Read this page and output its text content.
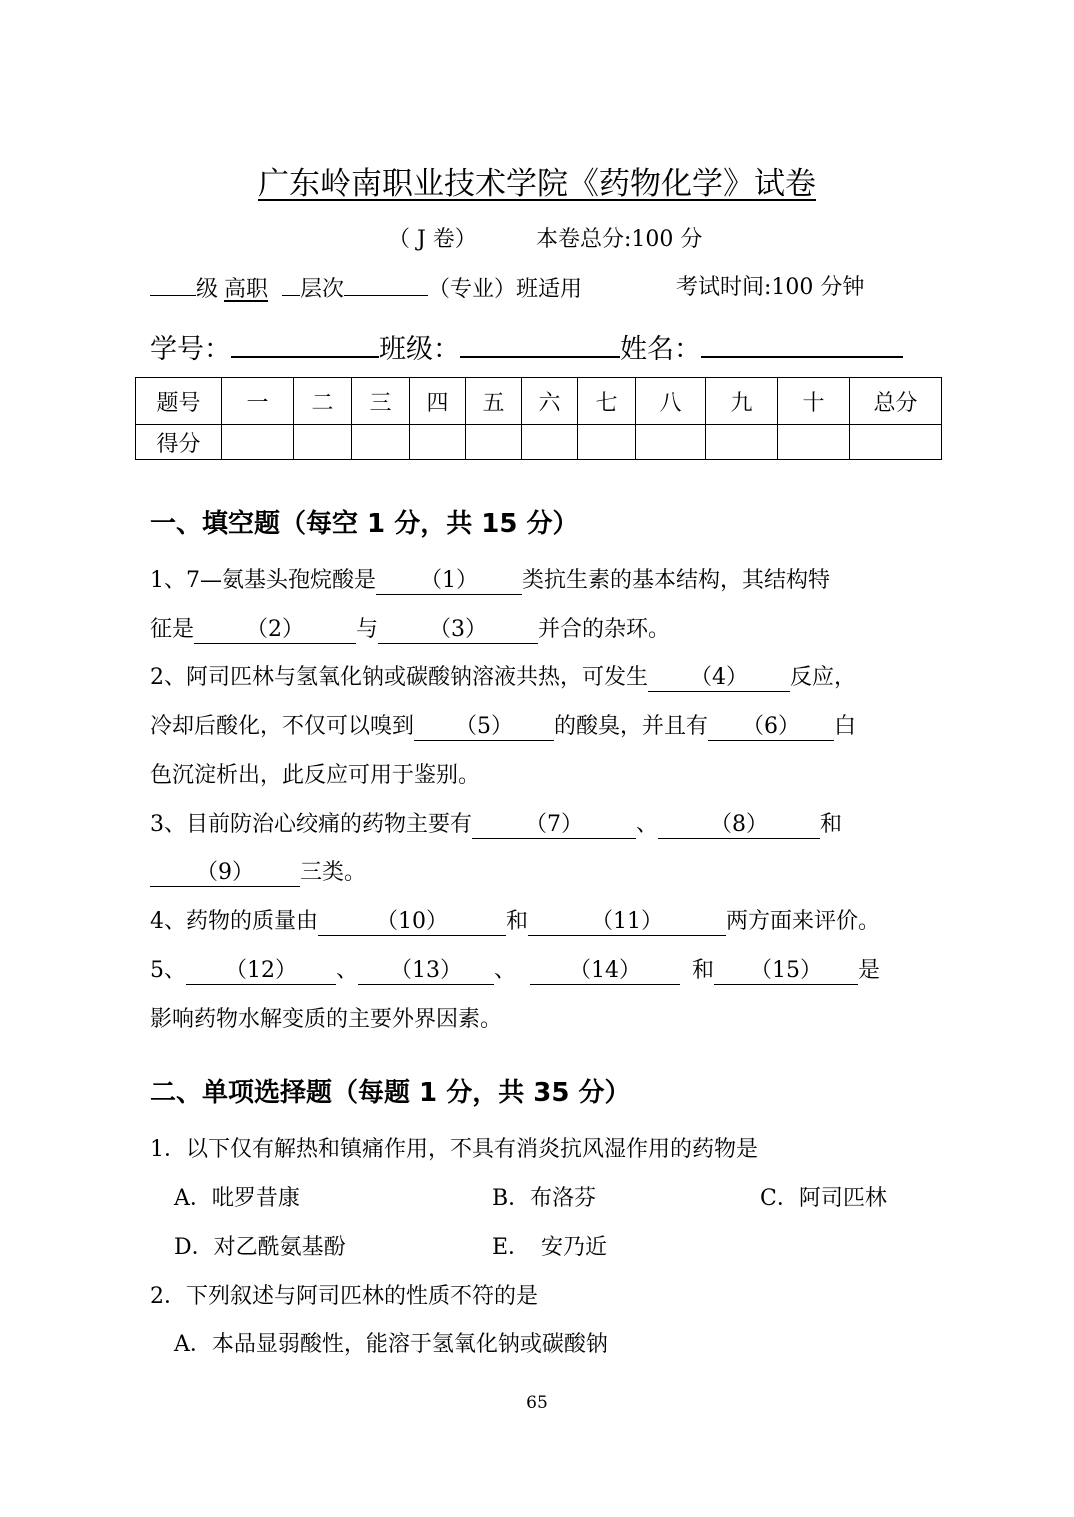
广东岭南职业技术学院《药物化学》试卷
（ J 卷）	本卷总分:100 分
级 高职 层次	（专业）班适用	考试时间:100 分钟
学号：	班级：	姓名：
题号	一	二	三	四	五	六	七	八	九	十	总分
得分											
一、填空题（每空 1 分，共 15 分）
1、7—氨基头孢烷酸是 （1） 类抗生素的基本结构，其结构特
征是 （2） 与 （3） 并合的杂环。
2、阿司匹林与氢氧化钠或碳酸钠溶液共热，可发生 （4） 反应，
冷却后酸化，不仅可以嗅到 （5） 的酸臭，并且有 （6） 白
色沉淀析出，此反应可用于鉴别。
3、目前防治心绞痛的药物主要有 （7） 、 （8） 和
（9） 三类。
4、药物的质量由	（10）	和	（11）	两方面来评价。
5、 （12） 、 （13） 、 （14） 和 （15） 是
影响药物水解变质的主要外界因素。
二、单项选择题（每题 1 分，共 35 分）
1．以下仅有解热和镇痛作用，不具有消炎抗风湿作用的药物是
A．吡罗昔康	B．布洛芬	C．阿司匹林
D．对乙酰氨基酚	E．　安乃近
2．下列叙述与阿司匹林的性质不符的是
A．本品显弱酸性，能溶于氢氧化钠或碳酸钠
65
